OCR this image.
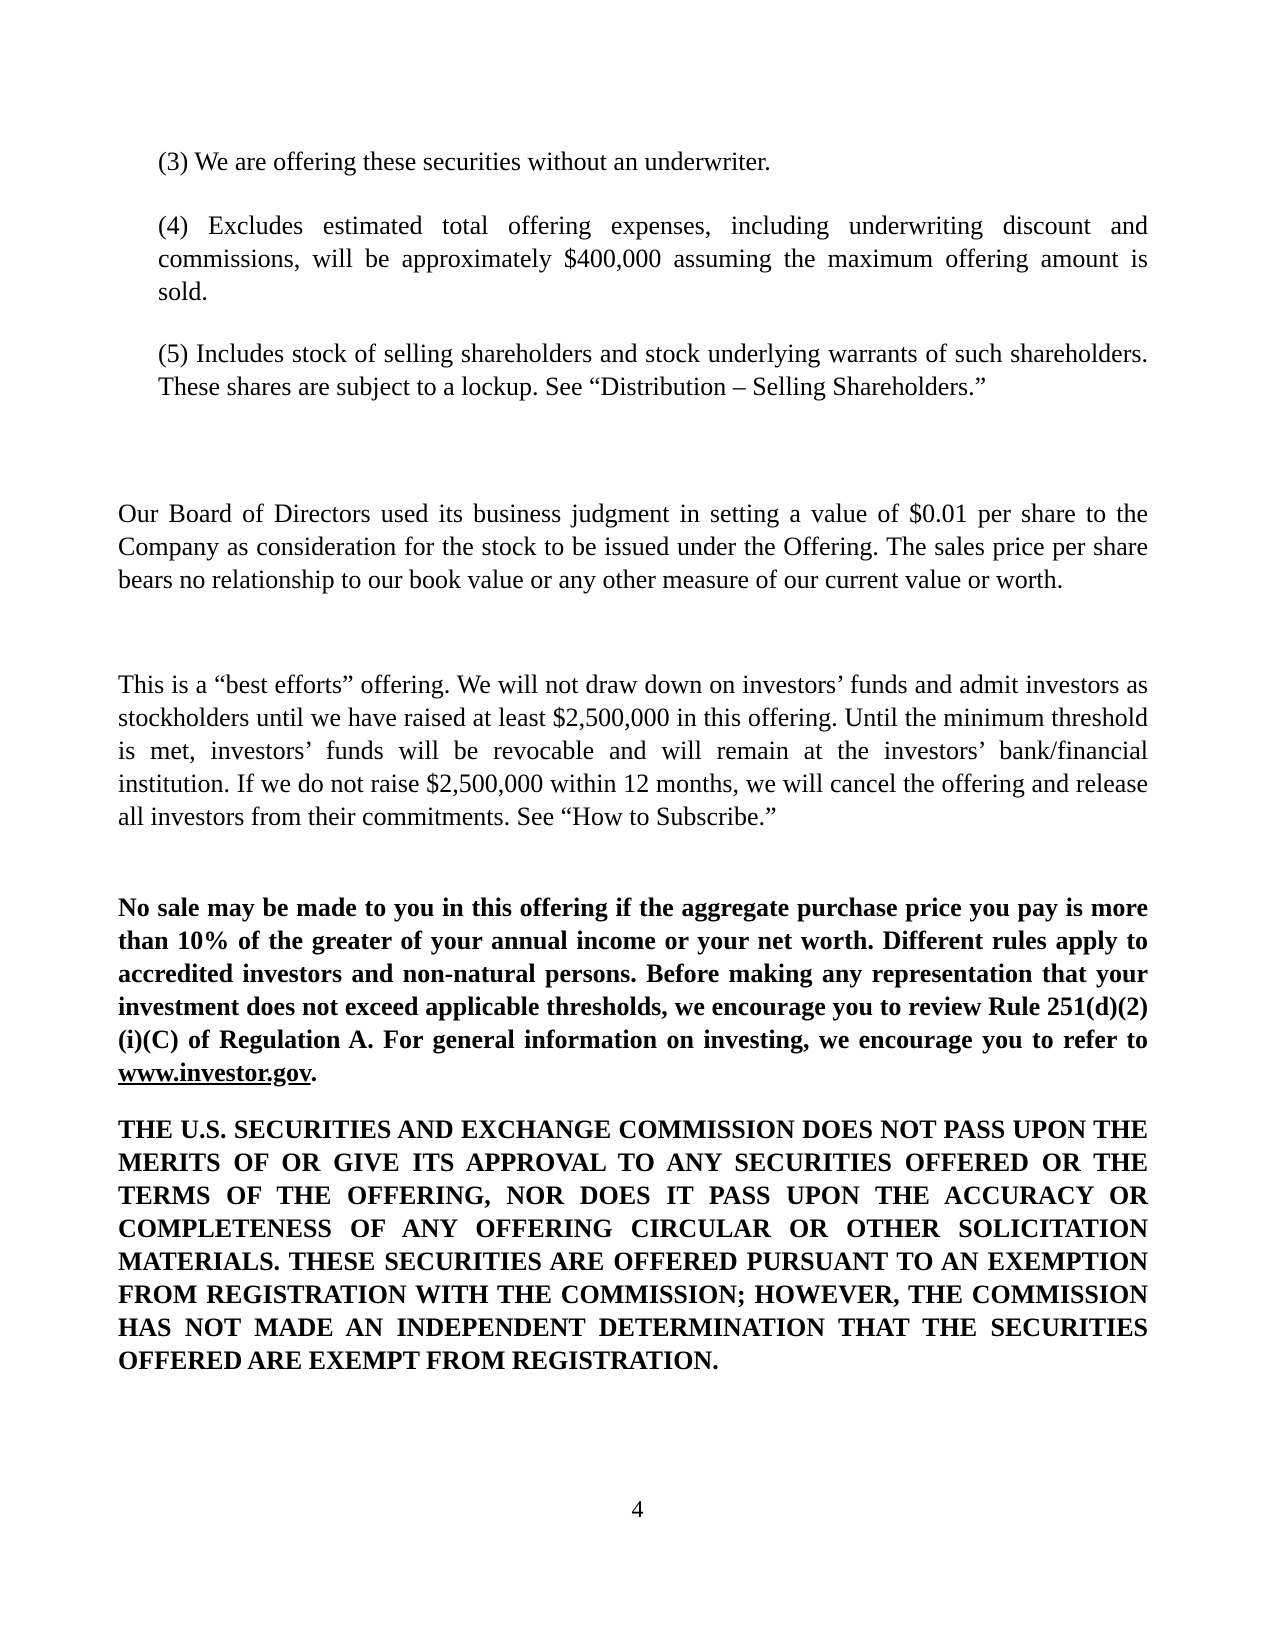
(3) We are offering these securities without an underwriter.

(4) Excludes estimated total offering expenses, including underwriting discount and commissions, will be approximately $400,000 assuming the maximum offering amount is sold.

(5) Includes stock of selling shareholders and stock underlying warrants of such shareholders. These shares are subject to a lockup. See “Distribution – Selling Shareholders.”

Our Board of Directors used its business judgment in setting a value of $0.01 per share to the Company as consideration for the stock to be issued under the Offering. The sales price per share bears no relationship to our book value or any other measure of our current value or worth.

This is a “best efforts” offering. We will not draw down on investors’ funds and admit investors as stockholders until we have raised at least $2,500,000 in this offering. Until the minimum threshold is met, investors’ funds will be revocable and will remain at the investors’ bank/financial institution. If we do not raise $2,500,000 within 12 months, we will cancel the offering and release all investors from their commitments. See “How to Subscribe.”

No sale may be made to you in this offering if the aggregate purchase price you pay is more than 10% of the greater of your annual income or your net worth. Different rules apply to accredited investors and non-natural persons. Before making any representation that your investment does not exceed applicable thresholds, we encourage you to review Rule 251(d)(2)(i)(C) of Regulation A. For general information on investing, we encourage you to refer to www.investor.gov.

THE U.S. SECURITIES AND EXCHANGE COMMISSION DOES NOT PASS UPON THE MERITS OF OR GIVE ITS APPROVAL TO ANY SECURITIES OFFERED OR THE TERMS OF THE OFFERING, NOR DOES IT PASS UPON THE ACCURACY OR COMPLETENESS OF ANY OFFERING CIRCULAR OR OTHER SOLICITATION MATERIALS. THESE SECURITIES ARE OFFERED PURSUANT TO AN EXEMPTION FROM REGISTRATION WITH THE COMMISSION; HOWEVER, THE COMMISSION HAS NOT MADE AN INDEPENDENT DETERMINATION THAT THE SECURITIES OFFERED ARE EXEMPT FROM REGISTRATION.

4
